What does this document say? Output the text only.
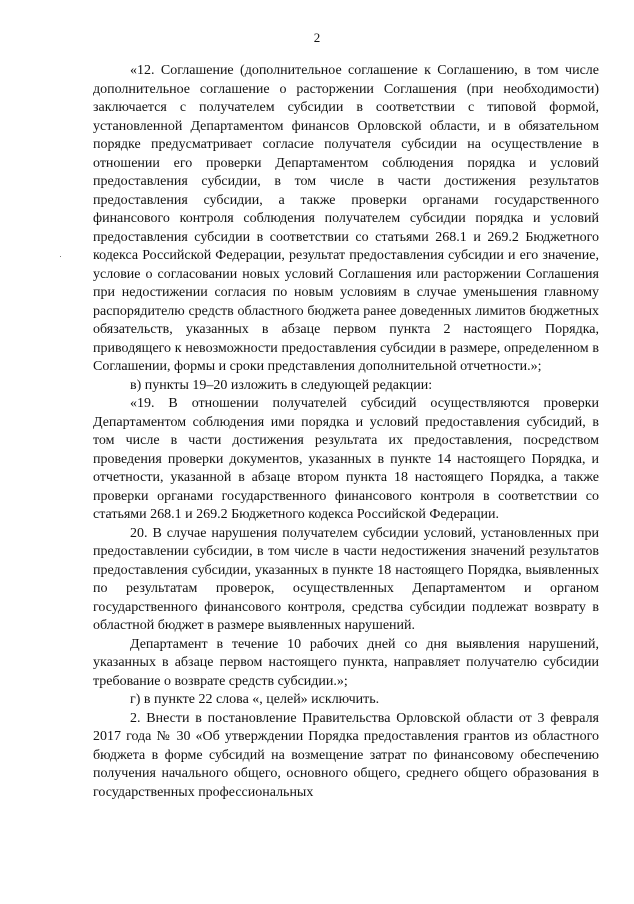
2

«12. Соглашение (дополнительное соглашение к Соглашению, в том числе дополнительное соглашение о расторжении Соглашения (при необходимости) заключается с получателем субсидии в соответствии с типовой формой, установленной Департаментом финансов Орловской области, и в обязательном порядке предусматривает согласие получателя субсидии на осуществление в отношении его проверки Департаментом соблюдения порядка и условий предоставления субсидии, в том числе в части достижения результатов предоставления субсидии, а также проверки органами государственного финансового контроля соблюдения получателем субсидии порядка и условий предоставления субсидии в соответствии со статьями 268.1 и 269.2 Бюджетного кодекса Российской Федерации, результат предоставления субсидии и его значение, условие о согласовании новых условий Соглашения или расторжении Соглашения при недостижении согласия по новым условиям в случае уменьшения главному распорядителю средств областного бюджета ранее доведенных лимитов бюджетных обязательств, указанных в абзаце первом пункта 2 настоящего Порядка, приводящего к невозможности предоставления субсидии в размере, определенном в Соглашении, формы и сроки представления дополнительной отчетности.»;

в) пункты 19–20 изложить в следующей редакции:

«19. В отношении получателей субсидий осуществляются проверки Департаментом соблюдения ими порядка и условий предоставления субсидий, в том числе в части достижения результата их предоставления, посредством проведения проверки документов, указанных в пункте 14 настоящего Порядка, и отчетности, указанной в абзаце втором пункта 18 настоящего Порядка, а также проверки органами государственного финансового контроля в соответствии со статьями 268.1 и 269.2 Бюджетного кодекса Российской Федерации.

20. В случае нарушения получателем субсидии условий, установленных при предоставлении субсидии, в том числе в части недостижения значений результатов предоставления субсидии, указанных в пункте 18 настоящего Порядка, выявленных по результатам проверок, осуществленных Департаментом и органом государственного финансового контроля, средства субсидии подлежат возврату в областной бюджет в размере выявленных нарушений.

Департамент в течение 10 рабочих дней со дня выявления нарушений, указанных в абзаце первом настоящего пункта, направляет получателю субсидии требование о возврате средств субсидии.»;

г) в пункте 22 слова «, целей» исключить.

2. Внести в постановление Правительства Орловской области от 3 февраля 2017 года № 30 «Об утверждении Порядка предоставления грантов из областного бюджета в форме субсидий на возмещение затрат по финансовому обеспечению получения начального общего, основного общего, среднего общего образования в государственных профессиональных
